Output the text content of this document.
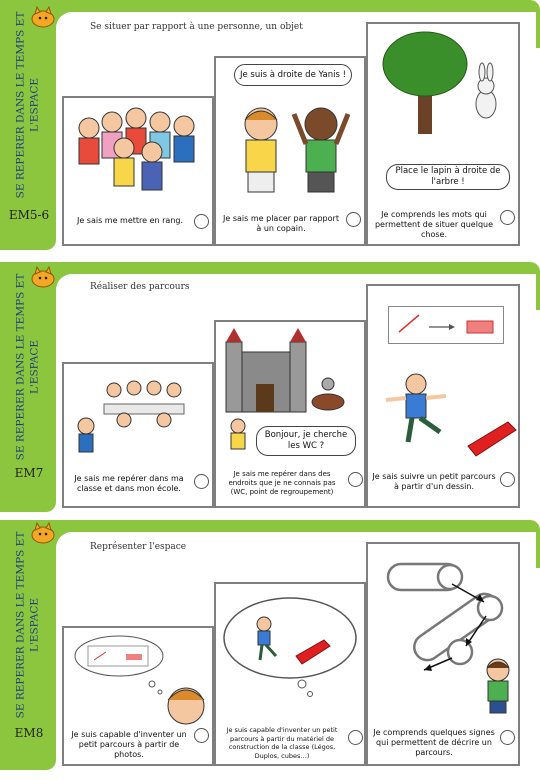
SE REPERER DANS LE TEMPS ET L'ESPACE
EM5-6
Se situer par rapport à une personne, un objet
Je sais me mettre en rang.
Je suis à droite de Yanis !
Je sais me placer par rapport à un copain.
Place le lapin à droite de l'arbre !
Je comprends les mots qui permettent de situer quelque chose.
SE REPERER DANS LE TEMPS ET L'ESPACE
EM7
Réaliser des parcours
Je sais me repérer dans ma classe et dans mon école.
Bonjour, je cherche les WC ?
Je sais me repérer dans des endroits que je ne connais pas (WC, point de regroupement)
Je sais suivre un petit parcours à partir d'un dessin.
SE REPERER DANS LE TEMPS ET L'ESPACE
EM8
Représenter l'espace
Je suis capable d'inventer un petit parcours à partir de photos.
Je suis capable d'inventer un petit parcours à partir du matériel de construction de la classe (Légos, Duplos, cubes…)
Je comprends quelques signes qui permettent de décrire un parcours.
